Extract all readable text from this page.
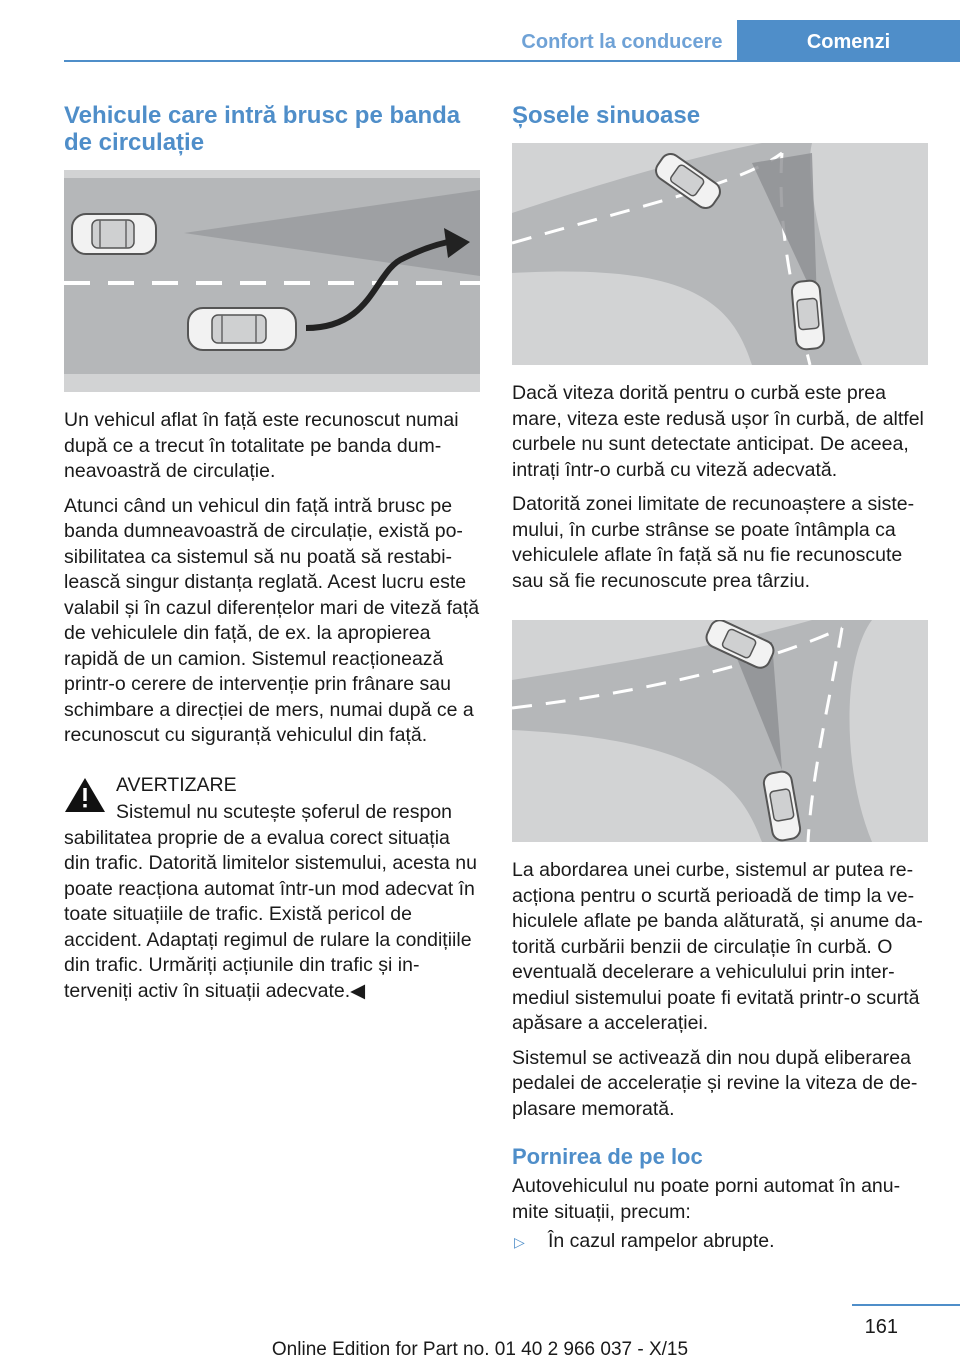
Confort la conducere	Comenzi
Vehicule care intră brusc pe banda de circulație

Un vehicul aflat în față este recunoscut numai după ce a trecut în totalitate pe banda dumneavoastră de circulație.

Atunci când un vehicul din față intră brusc pe banda dumneavoastră de circulație, există posibilitatea ca sistemul să nu poată să restabilească singur distanța reglată. Acest lucru este valabil și în cazul diferențelor mari de viteză față de vehiculele din față, de ex. la apropierea rapidă de un camion. Sistemul reacționează printr-o cerere de intervenție prin frânare sau schimbare a direcției de mers, numai după ce a recunoscut cu siguranță vehiculul din față.

AVERTIZARE

Sistemul nu scutește șoferul de respon

sabilitatea proprie de a evalua corect situația din trafic. Datorită limitelor sistemului, acesta nu poate reacționa automat într-un mod adecvat în toate situațiile de trafic. Există pericol de accident. Adaptați regimul de rulare la condițiile din trafic. Urmăriți acțiunile din trafic și interveniți activ în situații adecvate.◀

Șosele sinuoase

Dacă viteza dorită pentru o curbă este prea mare, viteza este redusă ușor în curbă, de altfel curbele nu sunt detectate anticipat. De aceea, intrați într-o curbă cu viteză adecvată.

Datorită zonei limitate de recunoaștere a sistemului, în curbe strânse se poate întâmpla ca vehiculele aflate în față să nu fie recunoscute sau să fie recunoscute prea târziu.

La abordarea unei curbe, sistemul ar putea reacționa pentru o scurtă perioadă de timp la vehiculele aflate pe banda alăturată, și anume datorită curbării benzii de circulație în curbă. O eventuală decelerare a vehiculului prin intermediul sistemului poate fi evitată printr-o scurtă apăsare a accelerației.

Sistemul se activează din nou după eliberarea pedalei de accelerație și revine la viteza de deplasare memorată.

Pornirea de pe loc

Autovehiculul nu poate porni automat în anumite situații, precum:

▷	În cazul rampelor abrupte.
161
Online Edition for Part no. 01 40 2 966 037 - X/15
